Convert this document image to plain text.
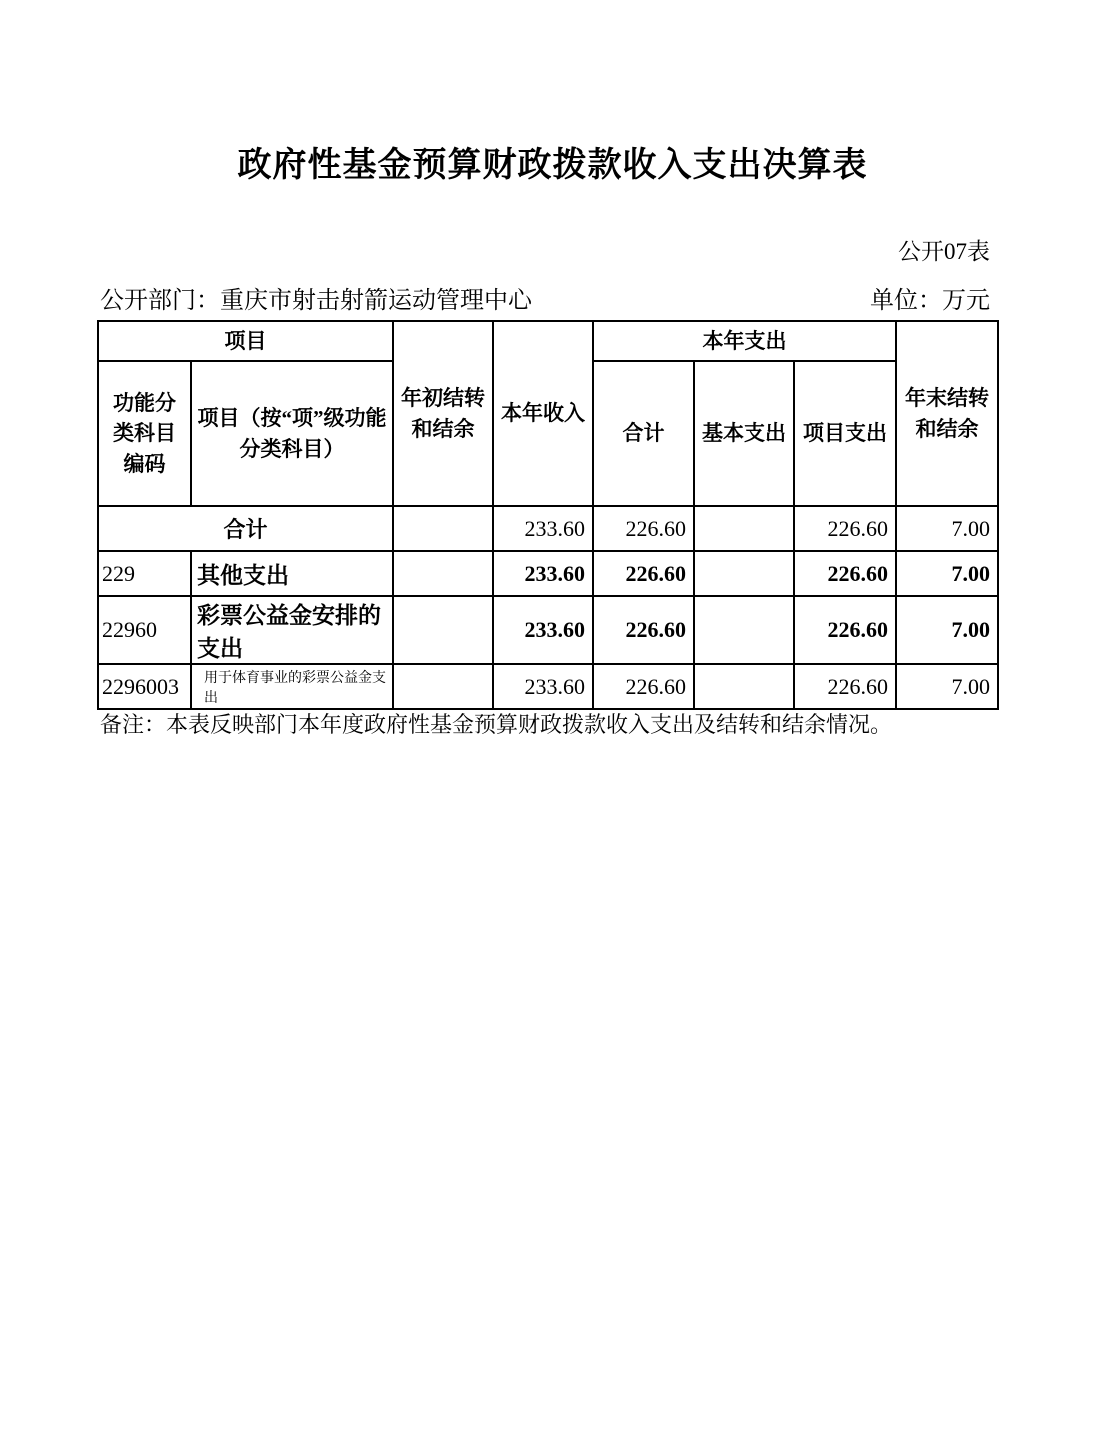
政府性基金预算财政拨款收入支出决算表
公开07表
公开部门：重庆市射击射箭运动管理中心	单位：万元
项目		年初结转和结余	本年收入	本年支出			年末结转和结余
功能分类科目编码	项目（按“项”级功能分类科目）			合计	基本支出	项目支出	
合计			233.60	226.60		226.60	7.00
229	其他支出		233.60	226.60		226.60	7.00
22960	彩票公益金安排的支出		233.60	226.60		226.60	7.00
2296003	用于体育事业的彩票公益金支出		233.60	226.60		226.60	7.00
备注：本表反映部门本年度政府性基金预算财政拨款收入支出及结转和结余情况。
